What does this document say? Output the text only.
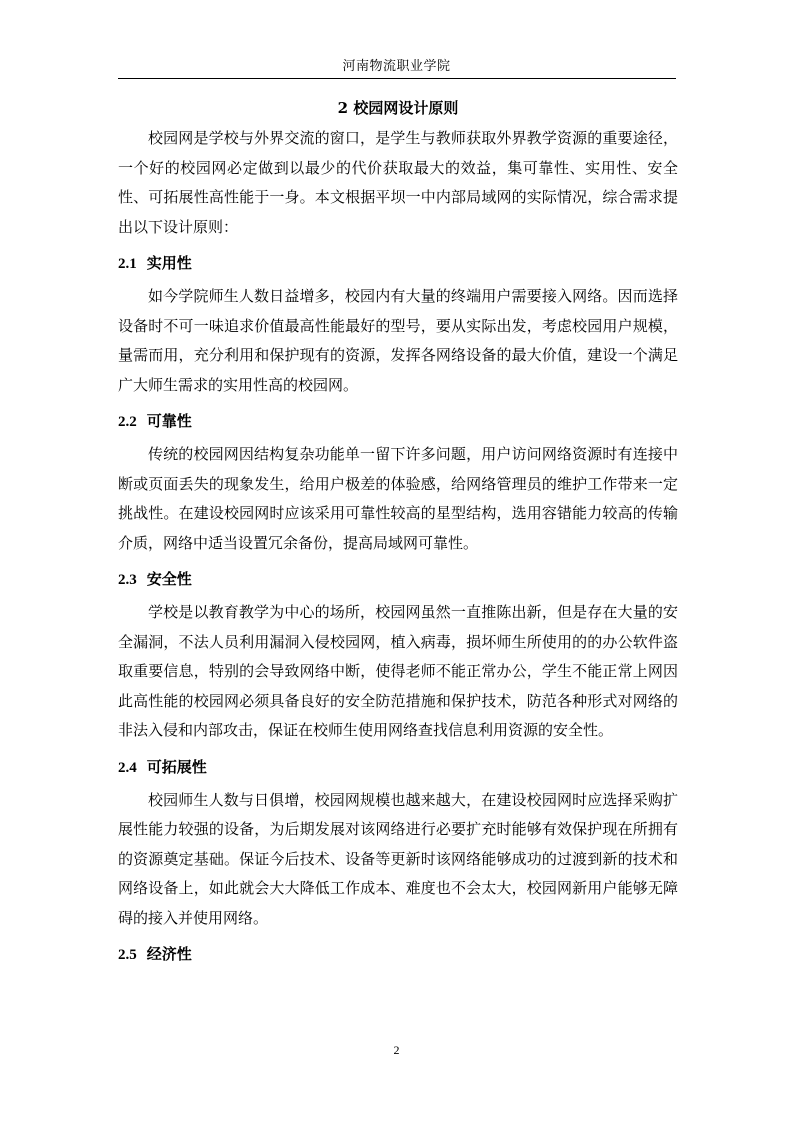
河南物流职业学院
2 校园网设计原则

校园网是学校与外界交流的窗口，是学生与教师获取外界教学资源的重要途径，一个好的校园网必定做到以最少的代价获取最大的效益，集可靠性、实用性、安全性、可拓展性高性能于一身。本文根据平坝一中内部局域网的实际情况，综合需求提出以下设计原则：

2.1 实用性

如今学院师生人数日益增多，校园内有大量的终端用户需要接入网络。因而选择设备时不可一味追求价值最高性能最好的型号，要从实际出发，考虑校园用户规模，量需而用，充分利用和保护现有的资源，发挥各网络设备的最大价值，建设一个满足广大师生需求的实用性高的校园网。

2.2 可靠性

传统的校园网因结构复杂功能单一留下许多问题，用户访问网络资源时有连接中断或页面丢失的现象发生，给用户极差的体验感，给网络管理员的维护工作带来一定挑战性。在建设校园网时应该采用可靠性较高的星型结构，选用容错能力较高的传输介质，网络中适当设置冗余备份，提高局域网可靠性。

2.3 安全性

学校是以教育教学为中心的场所，校园网虽然一直推陈出新，但是存在大量的安全漏洞，不法人员利用漏洞入侵校园网，植入病毒，损坏师生所使用的的办公软件盗取重要信息，特别的会导致网络中断，使得老师不能正常办公，学生不能正常上网因此高性能的校园网必须具备良好的安全防范措施和保护技术，防范各种形式对网络的非法入侵和内部攻击，保证在校师生使用网络查找信息利用资源的安全性。

2.4 可拓展性

校园师生人数与日俱增，校园网规模也越来越大，在建设校园网时应选择采购扩展性能力较强的设备，为后期发展对该网络进行必要扩充时能够有效保护现在所拥有的资源奠定基础。保证今后技术、设备等更新时该网络能够成功的过渡到新的技术和网络设备上，如此就会大大降低工作成本、难度也不会太大，校园网新用户能够无障碍的接入并使用网络。

2.5 经济性
2
